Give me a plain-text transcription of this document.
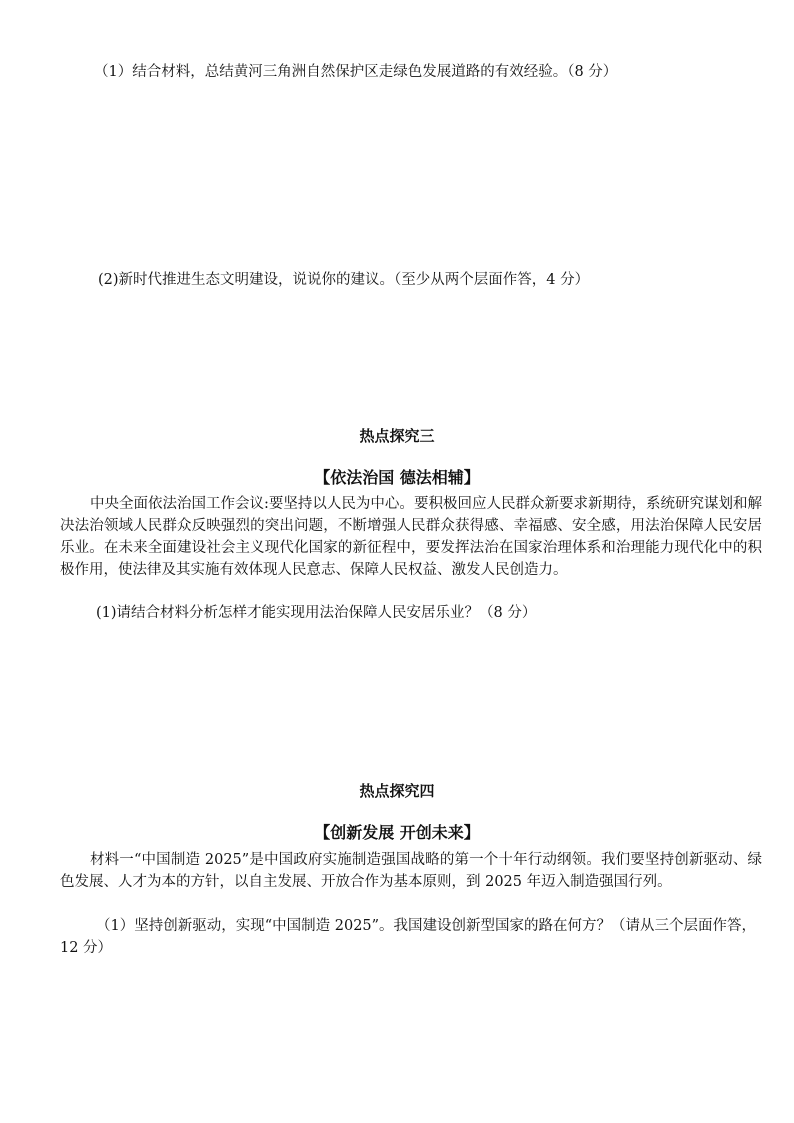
（1）结合材料，总结黄河三角洲自然保护区走绿色发展道路的有效经验。（8 分）
(2)新时代推进生态文明建设，说说你的建议。（至少从两个层面作答，4 分）
热点探究三
【依法治国 德法相辅】
中央全面依法治国工作会议:要坚持以人民为中心。要积极回应人民群众新要求新期待，系统研究谋划和解决法治领域人民群众反映强烈的突出问题，不断增强人民群众获得感、幸福感、安全感，用法治保障人民安居乐业。在未来全面建设社会主义现代化国家的新征程中，要发挥法治在国家治理体系和治理能力现代化中的积极作用，使法律及其实施有效体现人民意志、保障人民权益、激发人民创造力。
(1)请结合材料分析怎样才能实现用法治保障人民安居乐业？（8 分）
热点探究四
【创新发展 开创未来】
材料一“中国制造 2025”是中国政府实施制造强国战略的第一个十年行动纲领。我们要坚持创新驱动、绿色发展、人才为本的方针，以自主发展、开放合作为基本原则，到 2025 年迈入制造强国行列。
（1）坚持创新驱动，实现“中国制造 2025”。我国建设创新型国家的路在何方？（请从三个层面作答，12 分）
